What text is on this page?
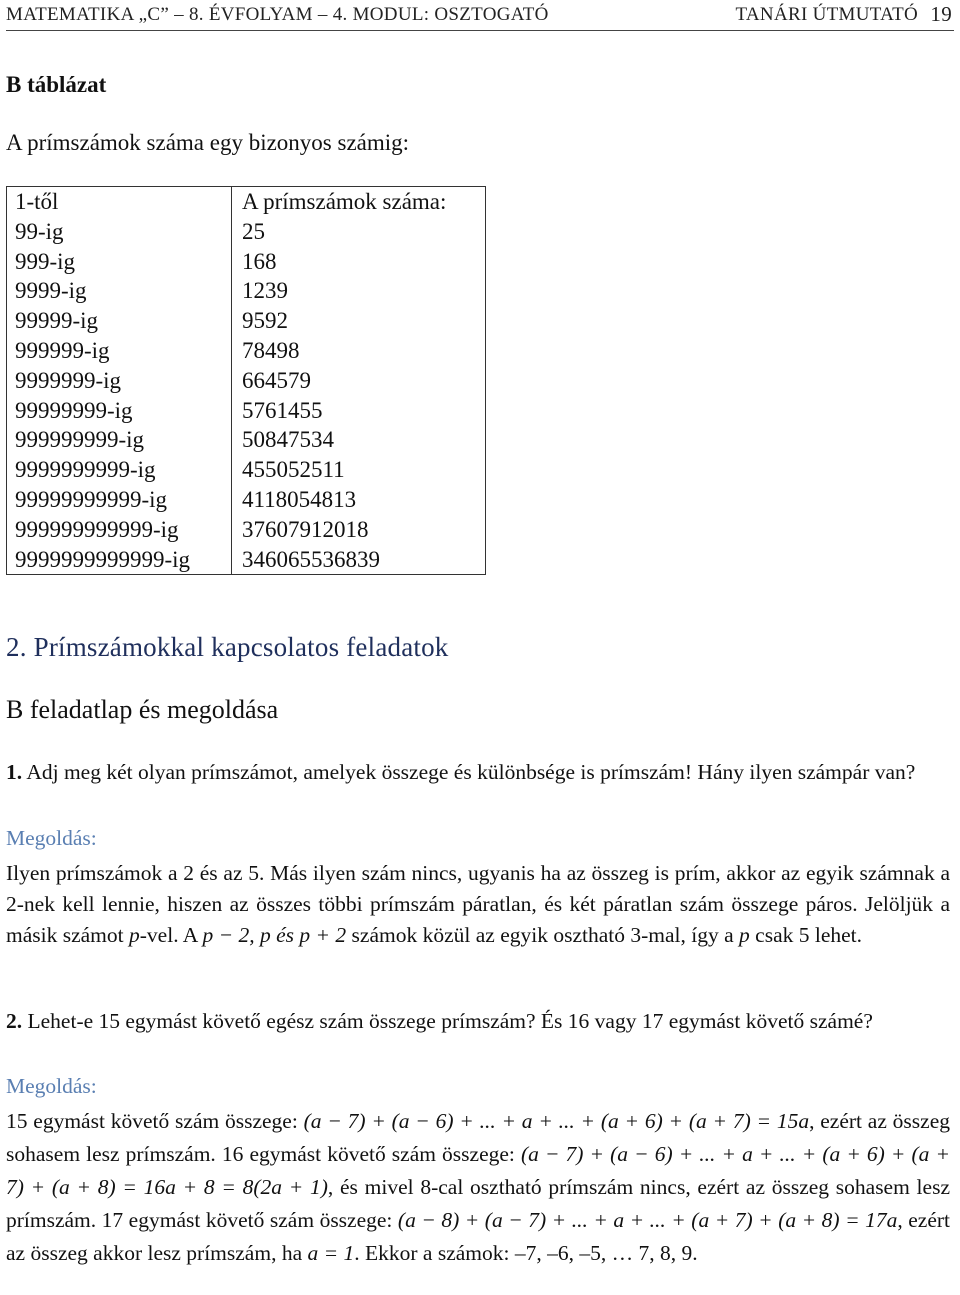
MATEMATIKA „C” – 8. ÉVFOLYAM – 4. MODUL: OSZTOGATÓ	TANÁRI ÚTMUTATÓ 19
B táblázat
A prímszámok száma egy bizonyos számig:
1-től	A prímszámok száma:
99-ig	25
999-ig	168
9999-ig	1239
99999-ig	9592
999999-ig	78498
9999999-ig	664579
99999999-ig	5761455
999999999-ig	50847534
9999999999-ig	455052511
99999999999-ig	4118054813
999999999999-ig	37607912018
9999999999999-ig	346065536839
2. Prímszámokkal kapcsolatos feladatok
B feladatlap és megoldása
1. Adj meg két olyan prímszámot, amelyek összege és különbsége is prímszám! Hány ilyen számpár van?
Megoldás:
Ilyen prímszámok a 2 és az 5. Más ilyen szám nincs, ugyanis ha az összeg is prím, akkor az egyik számnak a 2-nek kell lennie, hiszen az összes többi prímszám páratlan, és két páratlan szám összege páros. Jelöljük a másik számot p-vel. A p − 2, p és p + 2 számok közül az egyik osztható 3-mal, így a p csak 5 lehet.
2. Lehet-e 15 egymást követő egész szám összege prímszám? És 16 vagy 17 egymást követő számé?
Megoldás:
15 egymást követő szám összege: (a − 7) + (a − 6) + ... + a + ... + (a + 6) + (a + 7) = 15a, ezért az összeg sohasem lesz prímszám. 16 egymást követő szám összege: (a − 7) + (a − 6) + ... + a + ... + (a + 6) + (a + 7) + (a + 8) = 16a + 8 = 8(2a + 1), és mivel 8-cal osztható prímszám nincs, ezért az összeg sohasem lesz prímszám. 17 egymást követő szám összege: (a − 8) + (a − 7) + ... + a + ... + (a + 7) + (a + 8) = 17a, ezért az összeg akkor lesz prímszám, ha a = 1. Ekkor a számok: –7, –6, –5, … 7, 8, 9.
